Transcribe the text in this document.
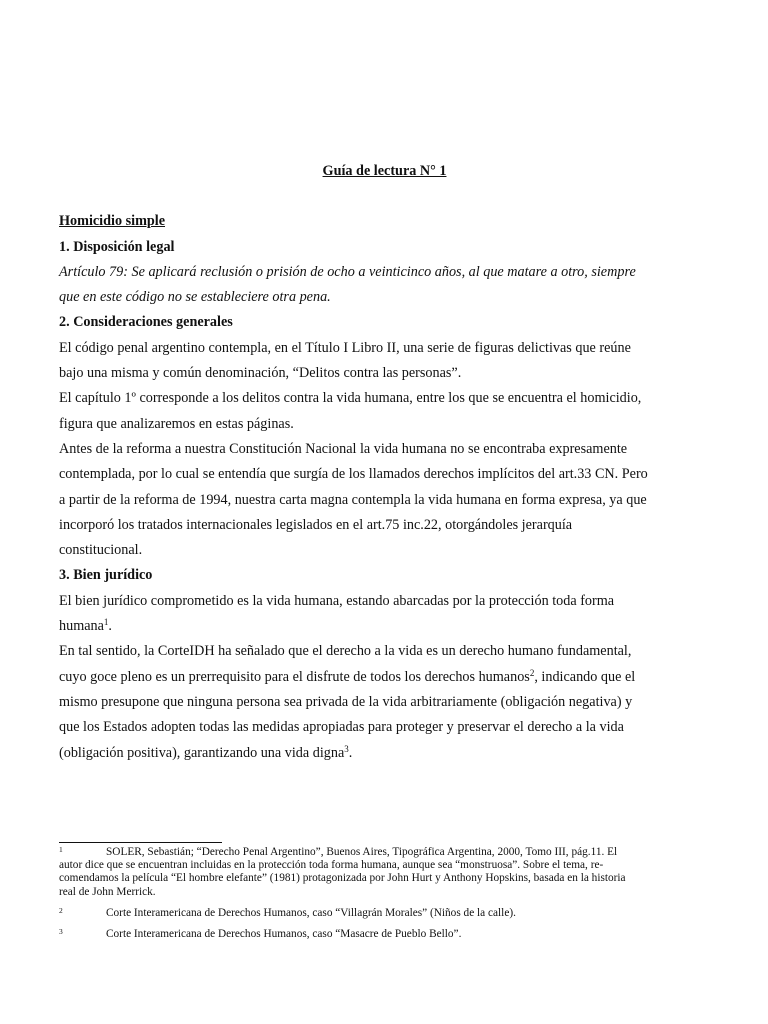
Guía de lectura N° 1

Homicidio simple

1. Disposición legal

Artículo 79: Se aplicará reclusión o prisión de ocho a veinticinco años, al que matare a otro, siempre
que en este código no se estableciere otra pena.

2. Consideraciones generales

El código penal argentino contempla, en el Título I Libro II, una serie de figuras delictivas que reúne
bajo una misma y común denominación, “Delitos contra las personas”.

El capítulo 1º corresponde a los delitos contra la vida humana, entre los que se encuentra el homicidio,
figura que analizaremos en estas páginas.

Antes de la reforma a nuestra Constitución Nacional la vida humana no se encontraba expresamente
contemplada, por lo cual se entendía que surgía de los llamados derechos implícitos del art.33 CN. Pero
a partir de la reforma de 1994, nuestra carta magna contempla la vida humana en forma expresa, ya que
incorporó los tratados internacionales legislados en el art.75 inc.22, otorgándoles jerarquía
constitucional.

3. Bien jurídico

El bien jurídico comprometido es la vida humana, estando abarcadas por la protección toda forma
humana$^1$.

En tal sentido, la CorteIDH ha señalado que el derecho a la vida es un derecho humano fundamental,
cuyo goce pleno es un prerrequisito para el disfrute de todos los derechos humanos$^2$, indicando que el
mismo presupone que ninguna persona sea privada de la vida arbitrariamente (obligación negativa) y
que los Estados adopten todas las medidas apropiadas para proteger y preservar el derecho a la vida
(obligación positiva), garantizando una vida digna$^3$.

1	SOLER, Sebastián; “Derecho Penal Argentino”, Buenos Aires, Tipográfica Argentina, 2000, Tomo III, pág.11. El
autor dice que se encuentran incluidas en la protección toda forma humana, aunque sea “monstruosa”. Sobre el tema, re-
comendamos la película “El hombre elefante” (1981) protagonizada por John Hurt y Anthony Hopskins, basada en la historia
real de John Merrick.
2	Corte Interamericana de Derechos Humanos, caso “Villagrán Morales” (Niños de la calle).
3	Corte Interamericana de Derechos Humanos, caso “Masacre de Pueblo Bello”.
